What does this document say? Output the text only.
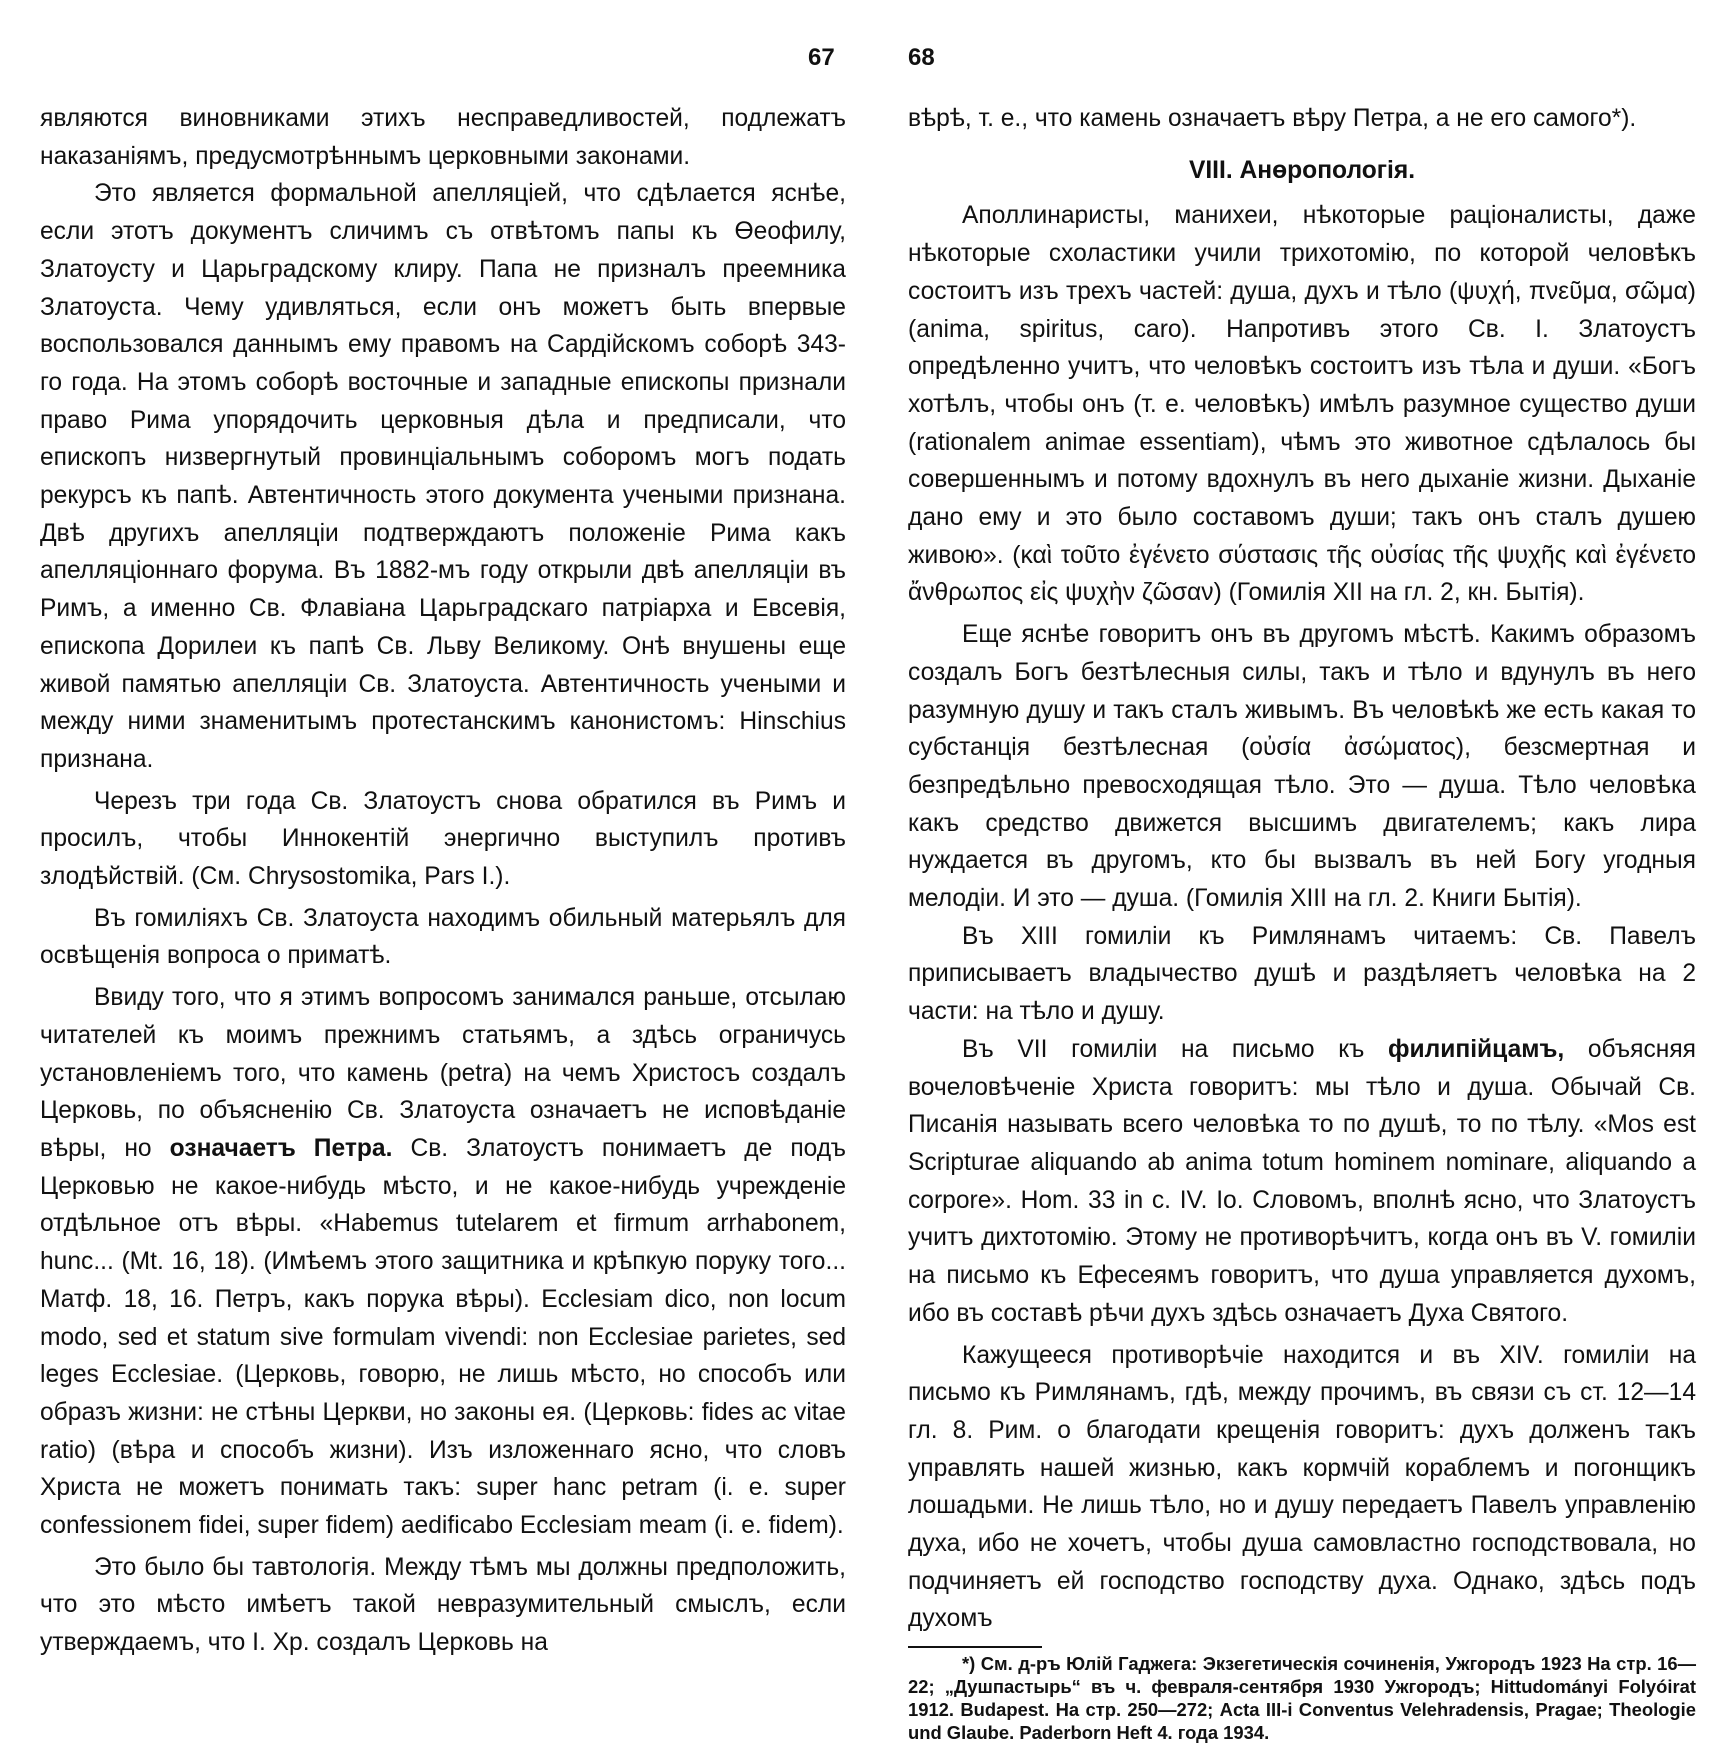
67	68

являются виновниками этихъ несправедливостей, подлежатъ наказаніямъ, предусмотрѣннымъ церковными законами.

Это является формальной апелляціей, что сдѣлается яснѣе, если этотъ документъ сличимъ съ отвѣтомъ папы къ Өеофилу, Златоусту и Царьградскому клиру. Папа не призналъ преемника Златоуста. Чему удивляться, если онъ можетъ быть впервые воспользовался даннымъ ему правомъ на Сардійскомъ соборѣ 343-го года. На этомъ соборѣ восточные и западные епископы признали право Рима упорядочить церковныя дѣла и предписали, что епископъ низвергнутый провинціальнымъ соборомъ могъ подать рекурсъ къ папѣ. Автентичность этого документа учеными признана. Двѣ другихъ апелляціи подтверждаютъ положеніе Рима какъ апелляціоннаго форума. Въ 1882-мъ году открыли двѣ апелляціи въ Римъ, а именно Св. Флавіана Царьградскаго патріарха и Евсевія, епископа Дорилеи къ папѣ Св. Льву Великому. Онѣ внушены еще живой памятью апелляціи Св. Златоуста. Автентичность учеными и между ними знаменитымъ протестанскимъ канонистомъ: Hinschius признана.

Черезъ три года Св. Златоустъ снова обратился въ Римъ и просилъ, чтобы Иннокентій энергично выступилъ противъ злодѣйствій. (См. Chrysostomika, Pars I.).

Въ гомиліяхъ Св. Златоуста находимъ обильный матерьялъ для освѣщенія вопроса о приматѣ.

Ввиду того, что я этимъ вопросомъ занимался раньше, отсылаю читателей къ моимъ прежнимъ статьямъ, а здѣсь ограничусь установленіемъ того, что камень (petra) на чемъ Христосъ создалъ Церковь, по объясненію Св. Златоуста означаетъ не исповѣданіе вѣры, но означаетъ Петра. Св. Златоустъ понимаетъ де подъ Церковью не какое-нибудь мѣсто, и не какое-нибудь учрежденіе отдѣльное отъ вѣры. «Habemus tutelarem et firmum arrhabonem, hunc... (Mt. 16, 18). (Имѣемъ этого защитника и крѣпкую поруку того... Матф. 18, 16. Петръ, какъ порука вѣры). Ecclesiam dico, non locum modo, sed et statum sive formulam vivendi: non Ecclesiae parietes, sed leges Ecclesiae. (Церковь, говорю, не лишь мѣсто, но способъ или образъ жизни: не стѣны Церкви, но законы ея. (Церковь: fides ac vitae ratio) (вѣра и способъ жизни). Изъ изложеннаго ясно, что словъ Христа не можетъ понимать такъ: super hanc petram (i. e. super confessionem fidei, super fidem) aedificabo Ecclesiam meam (i. e. fidem).

Это было бы тавтологія. Между тѣмъ мы должны предположить, что это мѣсто имѣетъ такой невразумительный смыслъ, если утверждаемъ, что I. Хр. создалъ Церковь на

вѣрѣ, т. е., что камень означаетъ вѣру Петра, а не его самого*).

VIII. Анөропологія.

Аполлинаристы, манихеи, нѣкоторые раціоналисты, даже нѣкоторые схоластики учили трихотомію, по которой человѣкъ состоитъ изъ трехъ частей: душа, духъ и тѣло (ψυχή, πνεῦμα, σῶμα) (anima, spiritus, caro). Напротивъ этого Св. I. Златоустъ опредѣленно учитъ, что человѣкъ состоитъ изъ тѣла и души. «Богъ хотѣлъ, чтобы онъ (т. е. человѣкъ) имѣлъ разумное существо души (rationalem animae essentiam), чѣмъ это животное сдѣлалось бы совершеннымъ и потому вдохнулъ въ него дыханіе жизни. Дыханіе дано ему и это было составомъ души; такъ онъ сталъ душею живою». (καὶ τοῦτο ἐγένετο σύστασις τῆς οὐσίας τῆς ψυχῆς καὶ ἐγένετο ἄνθρωπος εἰς ψυχὴν ζῶσαν) (Гомилія XII на гл. 2, кн. Бытія).

Еще яснѣе говоритъ онъ въ другомъ мѣстѣ. Какимъ образомъ создалъ Богъ безтѣлесныя силы, такъ и тѣло и вдунулъ въ него разумную душу и такъ сталъ живымъ. Въ человѣкѣ же есть какая то субстанція безтѣлесная (οὐσία ἀσώματος), безсмертная и безпредѣльно превосходящая тѣло. Это — душа. Тѣло человѣка какъ средство движется высшимъ двигателемъ; какъ лира нуждается въ другомъ, кто бы вызвалъ въ ней Богу угодныя мелодіи. И это — душа. (Гомилія XIII на гл. 2. Книги Бытія).

Въ XIII гомиліи къ Римлянамъ читаемъ: Св. Павелъ приписываетъ владычество душѣ и раздѣляетъ человѣка на 2 части: на тѣло и душу.

Въ VII гомиліи на письмо къ филипійцамъ, объясняя вочеловѣченіе Христа говоритъ: мы тѣло и душа. Обычай Св. Писанія называть всего человѣка то по душѣ, то по тѣлу. «Mos est Scripturae aliquando ab anima totum hominem nominare, aliquando a corpore». Hom. 33 in c. IV. Io. Словомъ, вполнѣ ясно, что Златоустъ учитъ дихтотомію. Этому не противорѣчитъ, когда онъ въ V. гомиліи на письмо къ Ефесеямъ говоритъ, что душа управляется духомъ, ибо въ составѣ рѣчи духъ здѣсь означаетъ Духа Святого.

Кажущееся противорѣчіе находится и въ XIV. гомиліи на письмо къ Римлянамъ, гдѣ, между прочимъ, въ связи съ ст. 12—14 гл. 8. Рим. о благодати крещенія говоритъ: духъ долженъ такъ управлять нашей жизнью, какъ кормчій кораблемъ и погонщикъ лошадьми. Не лишь тѣло, но и душу передаетъ Павелъ управленію духа, ибо не хочетъ, чтобы душа самовластно господствовала, но подчиняетъ ей господство господству духа. Однако, здѣсь подъ духомъ

*) См. д-ръ Юлій Гаджега: Экзегетическія сочиненія, Ужгородъ 1923 На стр. 16—22; „Душпастырь“ въ ч. февраля-сентября 1930 Ужгородъ; Hittudományi Folyóirat 1912. Budapest. На стр. 250—272; Acta III-i Conventus Velehradensis, Pragae; Theologie und Glaube. Paderborn Heft 4. года 1934.
